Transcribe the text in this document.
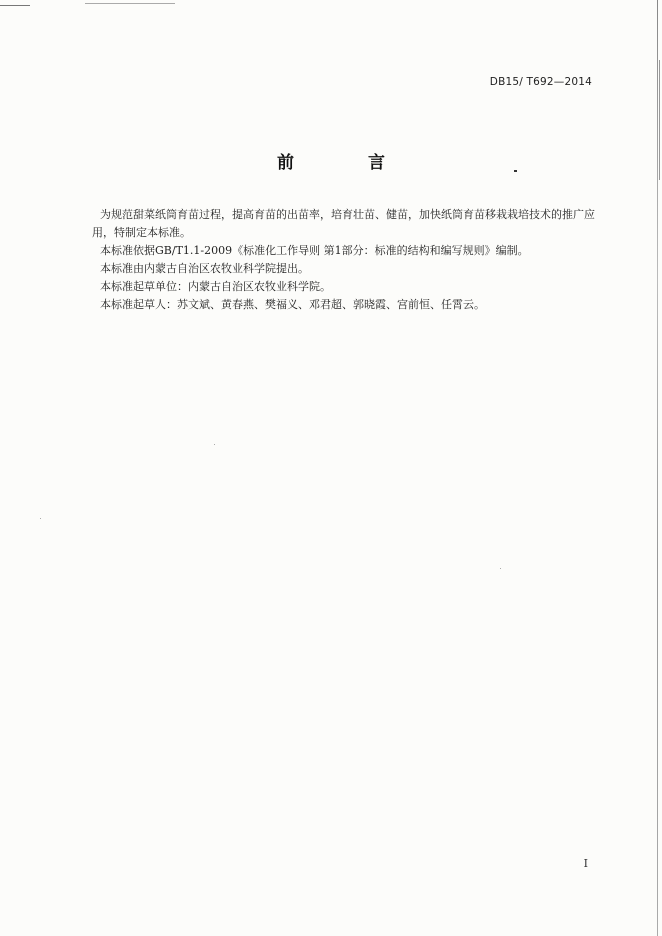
DB15/ T692—2014
前 言

为规范甜菜纸筒育苗过程，提高育苗的出苗率，培育壮苗、健苗，加快纸筒育苗移栽栽培技术的推广应用，特制定本标准。

本标准依据GB/T1.1-2009《标准化工作导则 第1部分：标准的结构和编写规则》编制。

本标准由内蒙古自治区农牧业科学院提出。

本标准起草单位：内蒙古自治区农牧业科学院。

本标准起草人：苏文斌、黄春燕、樊福义、邓君超、郭晓霞、宫前恒、任霄云。

I
